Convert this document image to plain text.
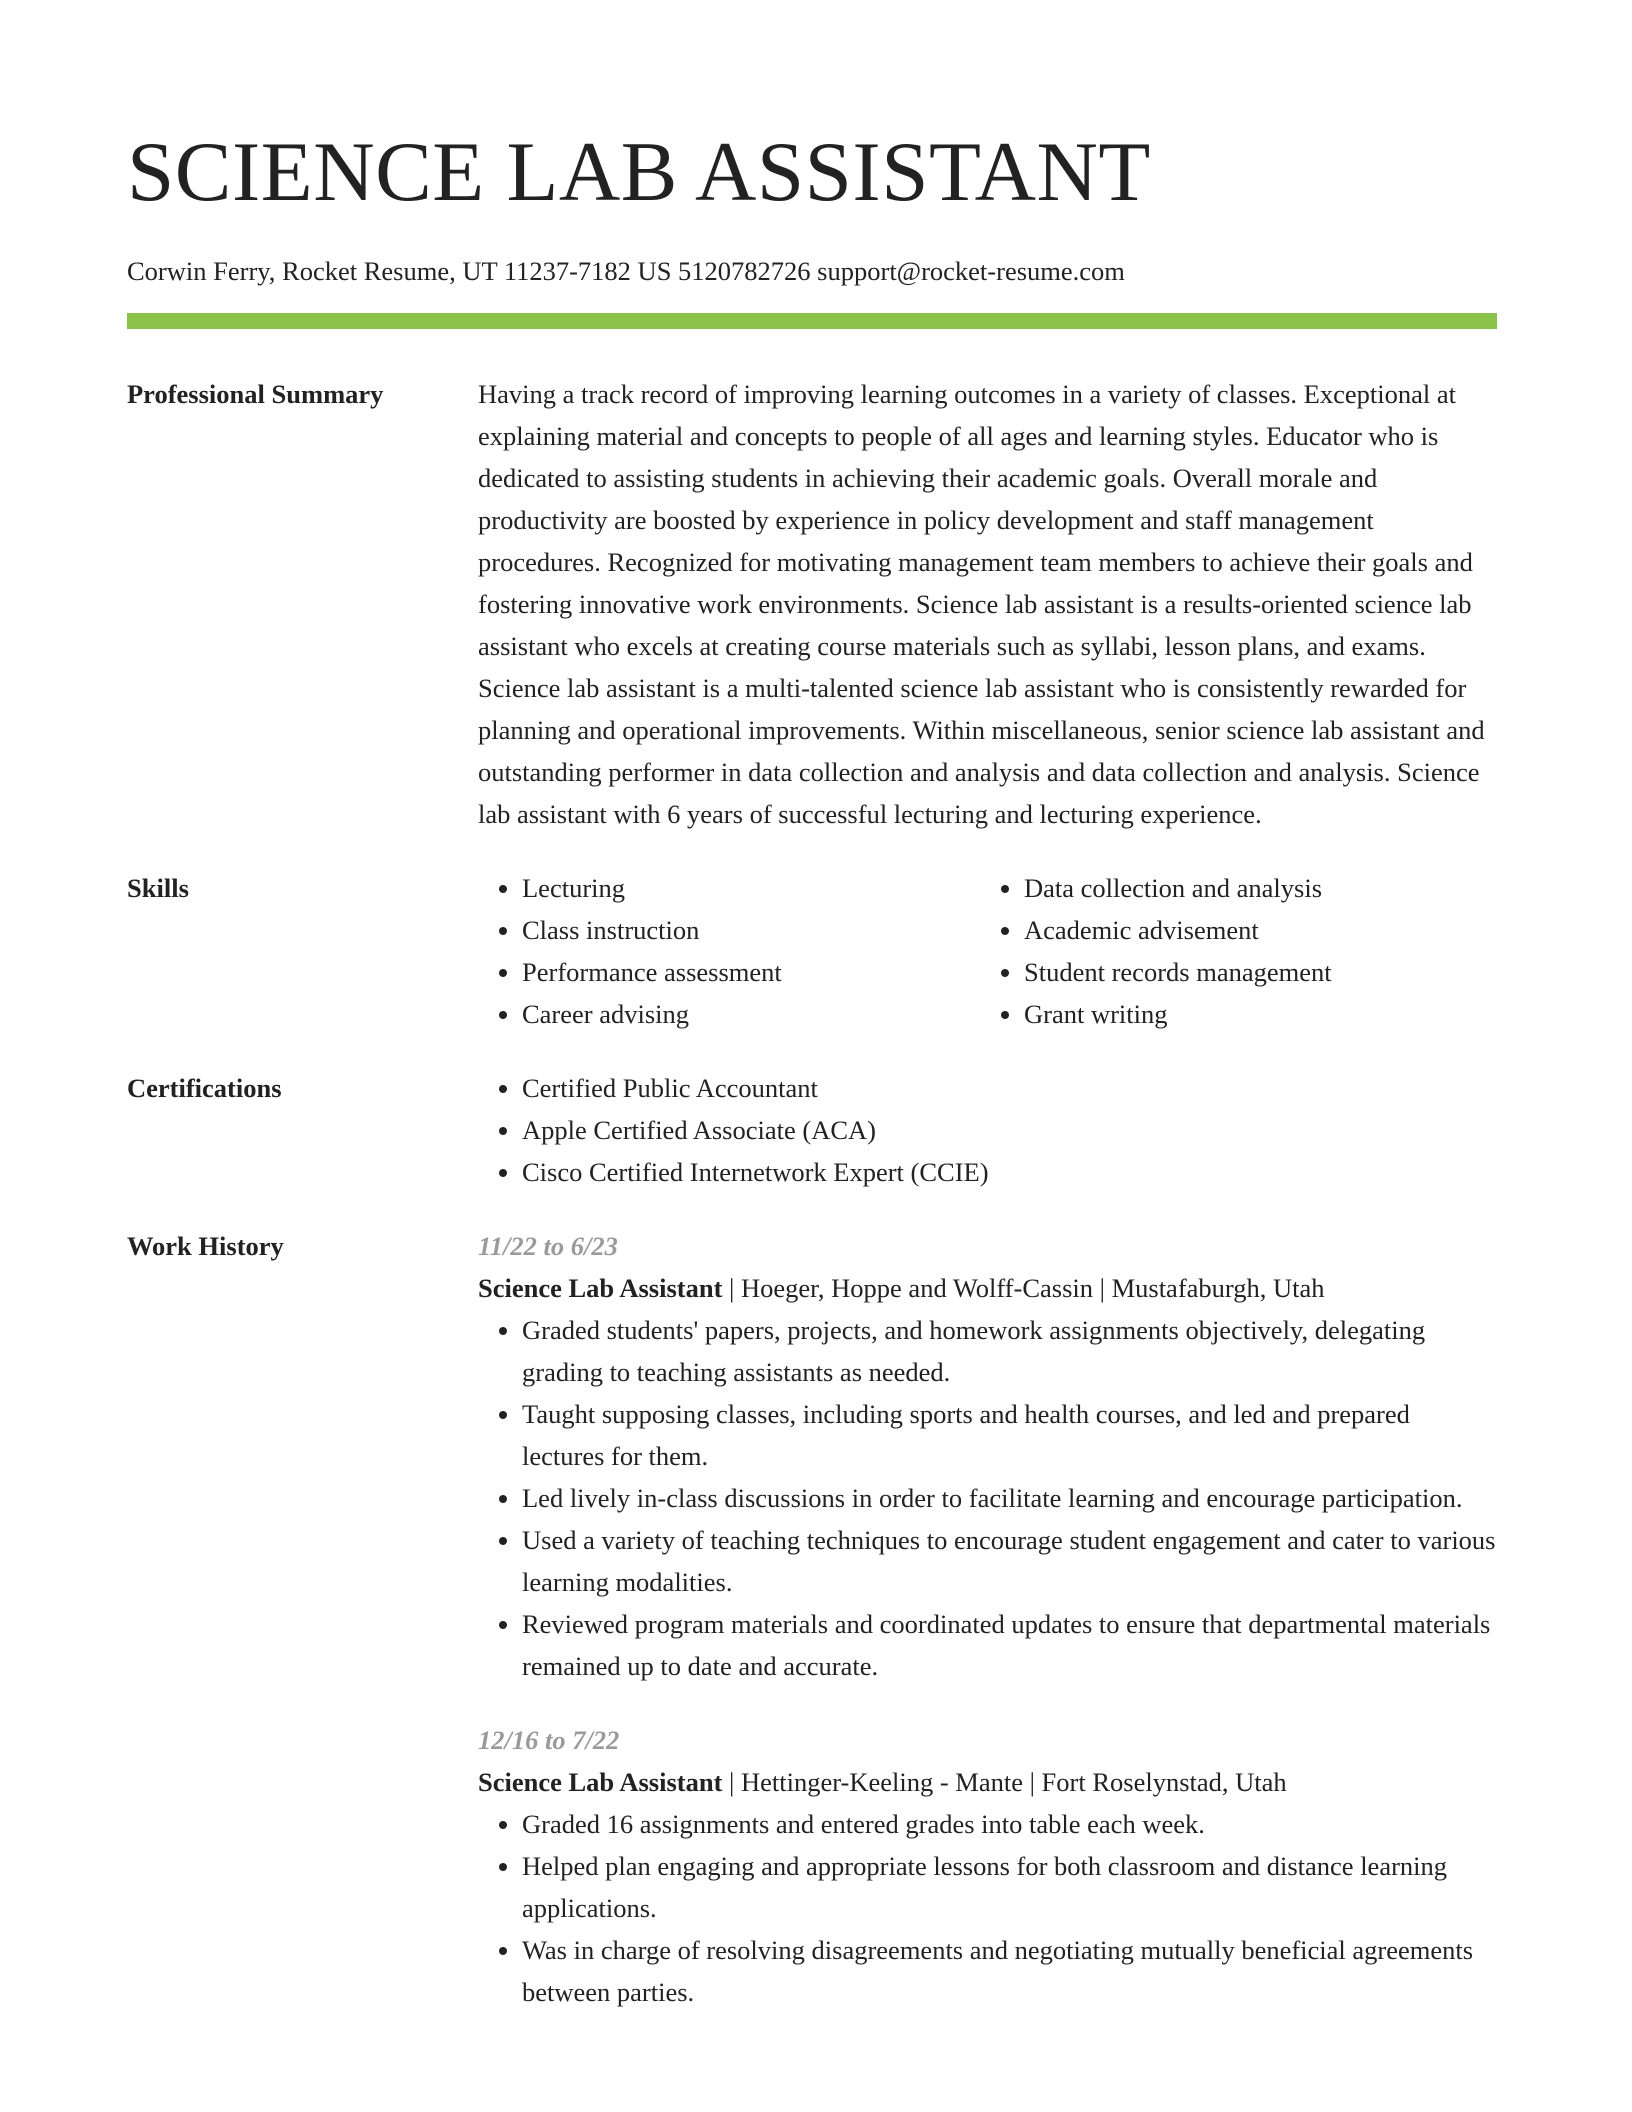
SCIENCE LAB ASSISTANT
Corwin Ferry, Rocket Resume, UT 11237-7182 US 5120782726 support@rocket-resume.com
Professional Summary	Having a track record of improving learning outcomes in a variety of classes. Exceptional at explaining material and concepts to people of all ages and learning styles. Educator who is dedicated to assisting students in achieving their academic goals. Overall morale and productivity are boosted by experience in policy development and staff management procedures. Recognized for motivating management team members to achieve their goals and fostering innovative work environments. Science lab assistant is a results-oriented science lab assistant who excels at creating course materials such as syllabi, lesson plans, and exams. Science lab assistant is a multi-talented science lab assistant who is consistently rewarded for planning and operational improvements. Within miscellaneous, senior science lab assistant and outstanding performer in data collection and analysis and data collection and analysis. Science lab assistant with 6 years of successful lecturing and lecturing experience.

Skills	• Lecturing
• Class instruction
• Performance assessment
• Career advising
• Data collection and analysis
• Academic advisement
• Student records management
• Grant writing
Certifications	• Certified Public Accountant
• Apple Certified Associate (ACA)
• Cisco Certified Internetwork Expert (CCIE)
Work History	11/22 to 6/23
Science Lab Assistant | Hoeger, Hoppe and Wolff-Cassin | Mustafaburgh, Utah
• Graded students' papers, projects, and homework assignments objectively, delegating grading to teaching assistants as needed.
• Taught supposing classes, including sports and health courses, and led and prepared lectures for them.
• Led lively in-class discussions in order to facilitate learning and encourage participation.
• Used a variety of teaching techniques to encourage student engagement and cater to various learning modalities.
• Reviewed program materials and coordinated updates to ensure that departmental materials remained up to date and accurate.
12/16 to 7/22
Science Lab Assistant | Hettinger-Keeling - Mante | Fort Roselynstad, Utah
• Graded 16 assignments and entered grades into table each week.
• Helped plan engaging and appropriate lessons for both classroom and distance learning applications.
• Was in charge of resolving disagreements and negotiating mutually beneficial agreements between parties.
